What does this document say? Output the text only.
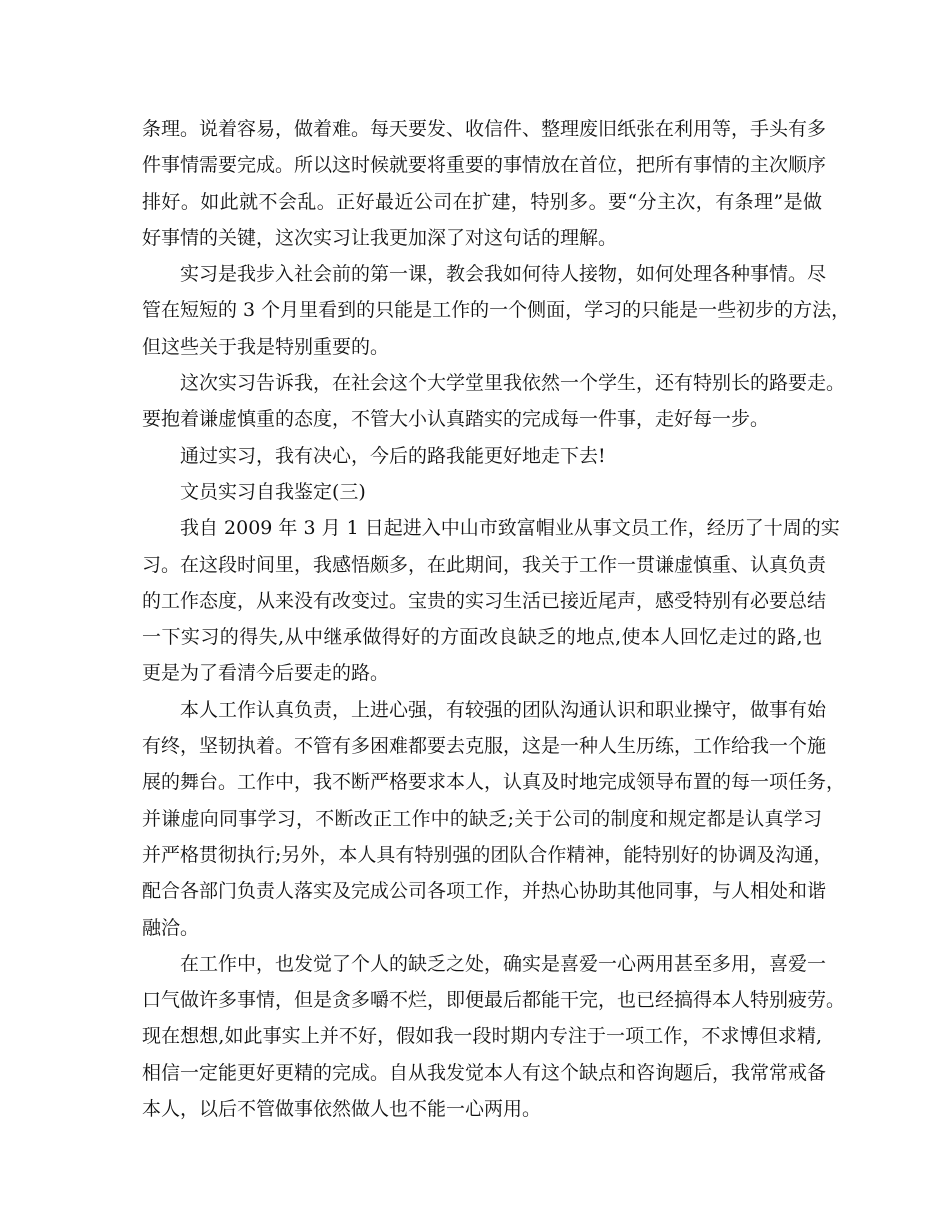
条理。说着容易，做着难。每天要发、收信件、整理废旧纸张在利用等，手头有多
件事情需要完成。所以这时候就要将重要的事情放在首位，把所有事情的主次顺序
排好。如此就不会乱。正好最近公司在扩建，特别多。要“分主次，有条理”是做
好事情的关键，这次实习让我更加深了对这句话的理解。
实习是我步入社会前的第一课，教会我如何待人接物，如何处理各种事情。尽
管在短短的 3 个月里看到的只能是工作的一个侧面，学习的只能是一些初步的方法，
但这些关于我是特别重要的。
这次实习告诉我，在社会这个大学堂里我依然一个学生，还有特别长的路要走。
要抱着谦虚慎重的态度，不管大小认真踏实的完成每一件事，走好每一步。
通过实习，我有决心，今后的路我能更好地走下去!
文员实习自我鉴定(三)
我自 2009 年 3 月 1 日起进入中山市致富帽业从事文员工作，经历了十周的实
习。在这段时间里，我感悟颇多，在此期间，我关于工作一贯谦虚慎重、认真负责
的工作态度，从来没有改变过。宝贵的实习生活已接近尾声，感受特别有必要总结
一下实习的得失,从中继承做得好的方面改良缺乏的地点,使本人回忆走过的路,也
更是为了看清今后要走的路。
本人工作认真负责，上进心强，有较强的团队沟通认识和职业操守，做事有始
有终，坚韧执着。不管有多困难都要去克服，这是一种人生历练，工作给我一个施
展的舞台。工作中，我不断严格要求本人，认真及时地完成领导布置的每一项任务，
并谦虚向同事学习，不断改正工作中的缺乏;关于公司的制度和规定都是认真学习
并严格贯彻执行;另外，本人具有特别强的团队合作精神，能特别好的协调及沟通，
配合各部门负责人落实及完成公司各项工作，并热心协助其他同事，与人相处和谐
融洽。
在工作中，也发觉了个人的缺乏之处，确实是喜爱一心两用甚至多用，喜爱一
口气做许多事情，但是贪多嚼不烂，即便最后都能干完，也已经搞得本人特别疲劳。
现在想想,如此事实上并不好，假如我一段时期内专注于一项工作，不求博但求精,
相信一定能更好更精的完成。自从我发觉本人有这个缺点和咨询题后，我常常戒备
本人，以后不管做事依然做人也不能一心两用。
